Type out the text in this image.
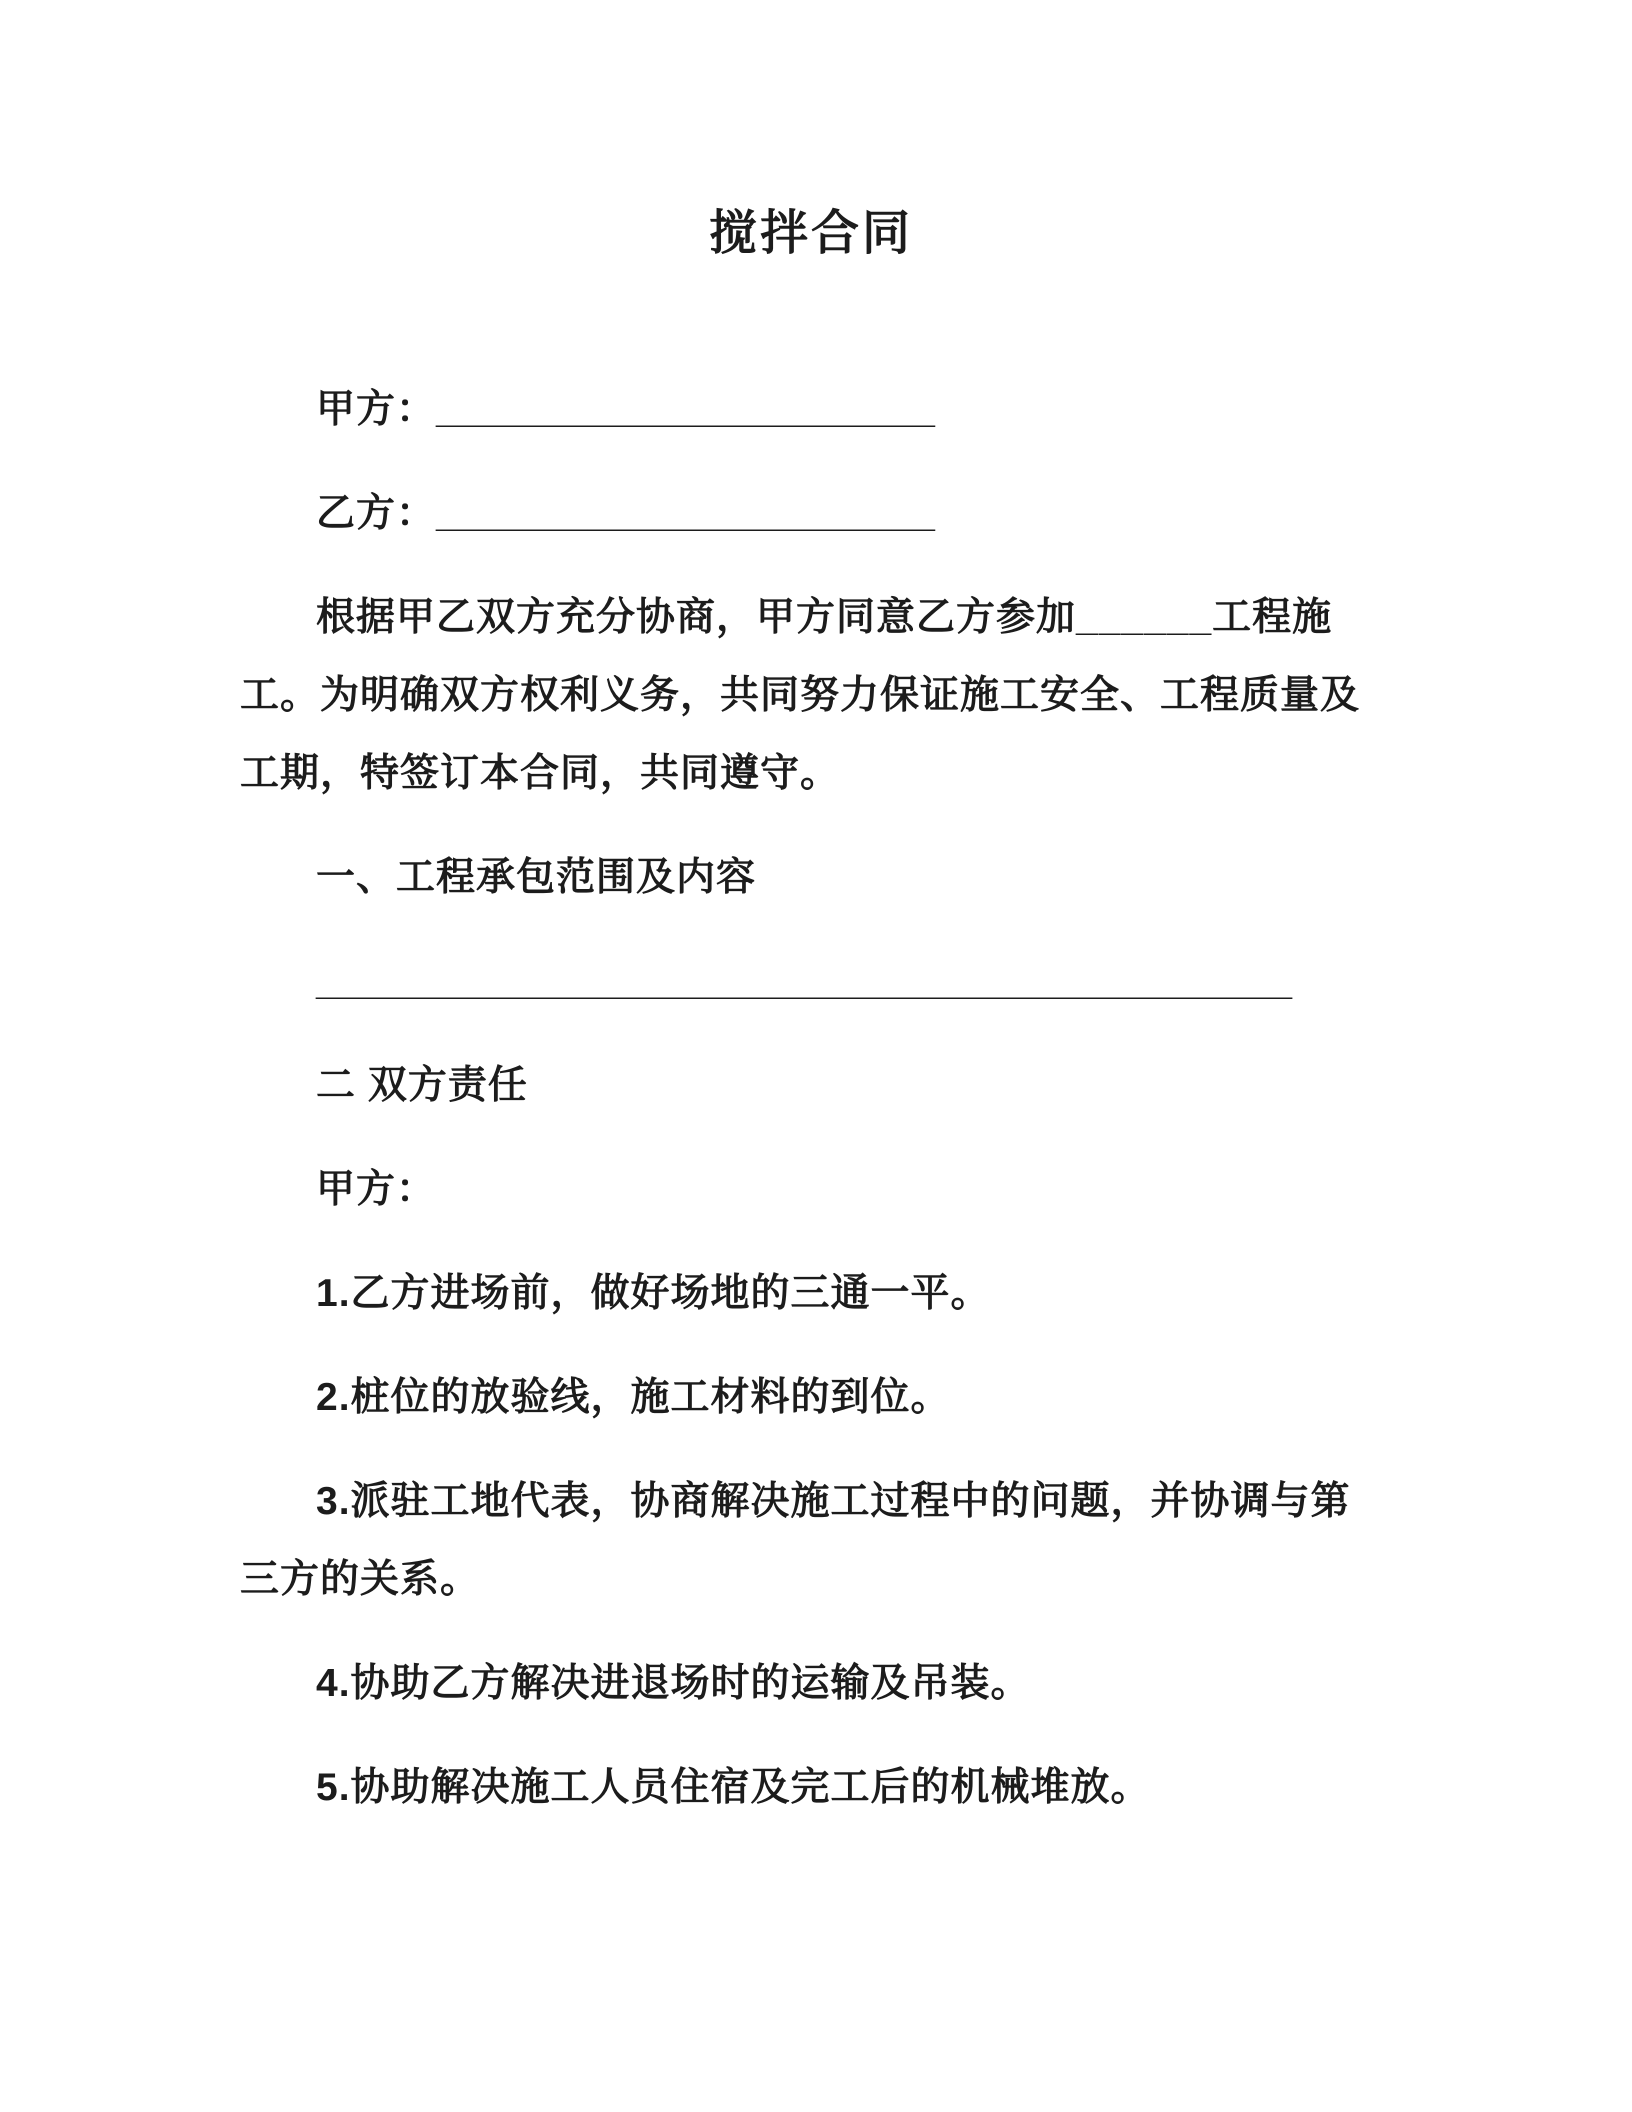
搅拌合同

甲方：_______________________

乙方：_______________________

根据甲乙双方充分协商，甲方同意乙方参加______工程施工。为明确双方权利义务，共同努力保证施工安全、工程质量及工期，特签订本合同，共同遵守。

一、工程承包范围及内容

_____________________________________________

二 双方责任

甲方：

1.乙方进场前，做好场地的三通一平。

2.桩位的放验线，施工材料的到位。

3.派驻工地代表，协商解决施工过程中的问题，并协调与第三方的关系。

4.协助乙方解决进退场时的运输及吊装。

5.协助解决施工人员住宿及完工后的机械堆放。
